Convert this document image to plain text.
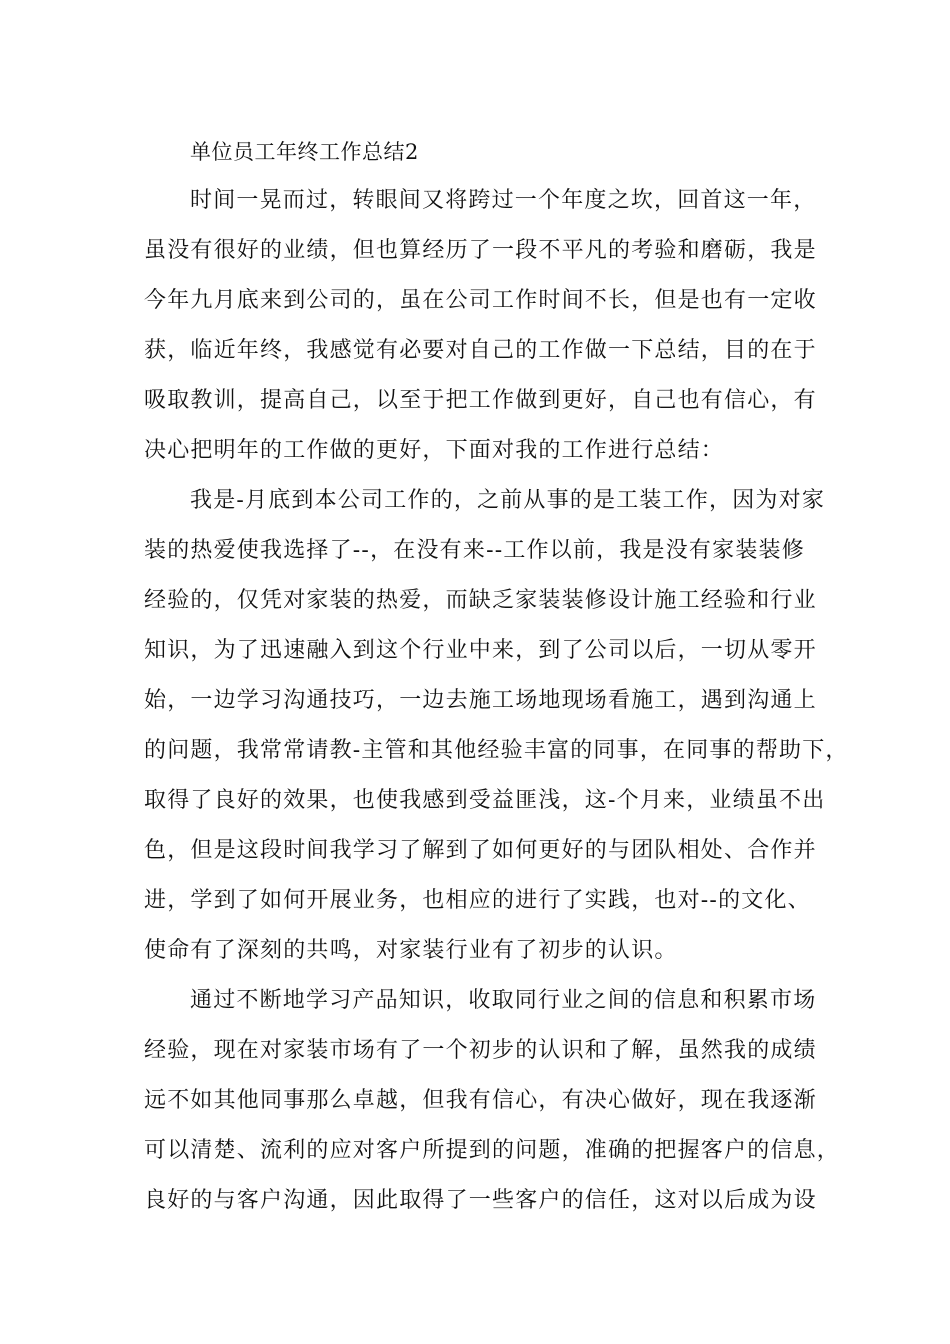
单位员工年终工作总结2
时间一晃而过，转眼间又将跨过一个年度之坎，回首这一年，
虽没有很好的业绩，但也算经历了一段不平凡的考验和磨砺，我是
今年九月底来到公司的，虽在公司工作时间不长，但是也有一定收
获，临近年终，我感觉有必要对自己的工作做一下总结，目的在于
吸取教训，提高自己，以至于把工作做到更好，自己也有信心，有
决心把明年的工作做的更好，下面对我的工作进行总结：
我是-月底到本公司工作的，之前从事的是工装工作，因为对家
装的热爱使我选择了--，在没有来--工作以前，我是没有家装装修
经验的，仅凭对家装的热爱，而缺乏家装装修设计施工经验和行业
知识，为了迅速融入到这个行业中来，到了公司以后，一切从零开
始，一边学习沟通技巧，一边去施工场地现场看施工，遇到沟通上
的问题，我常常请教-主管和其他经验丰富的同事，在同事的帮助下，
取得了良好的效果，也使我感到受益匪浅，这-个月来，业绩虽不出
色，但是这段时间我学习了解到了如何更好的与团队相处、合作并
进，学到了如何开展业务，也相应的进行了实践，也对--的文化、
使命有了深刻的共鸣，对家装行业有了初步的认识。
通过不断地学习产品知识，收取同行业之间的信息和积累市场
经验，现在对家装市场有了一个初步的认识和了解，虽然我的成绩
远不如其他同事那么卓越，但我有信心，有决心做好，现在我逐渐
可以清楚、流利的应对客户所提到的问题，准确的把握客户的信息，
良好的与客户沟通，因此取得了一些客户的信任，这对以后成为设
